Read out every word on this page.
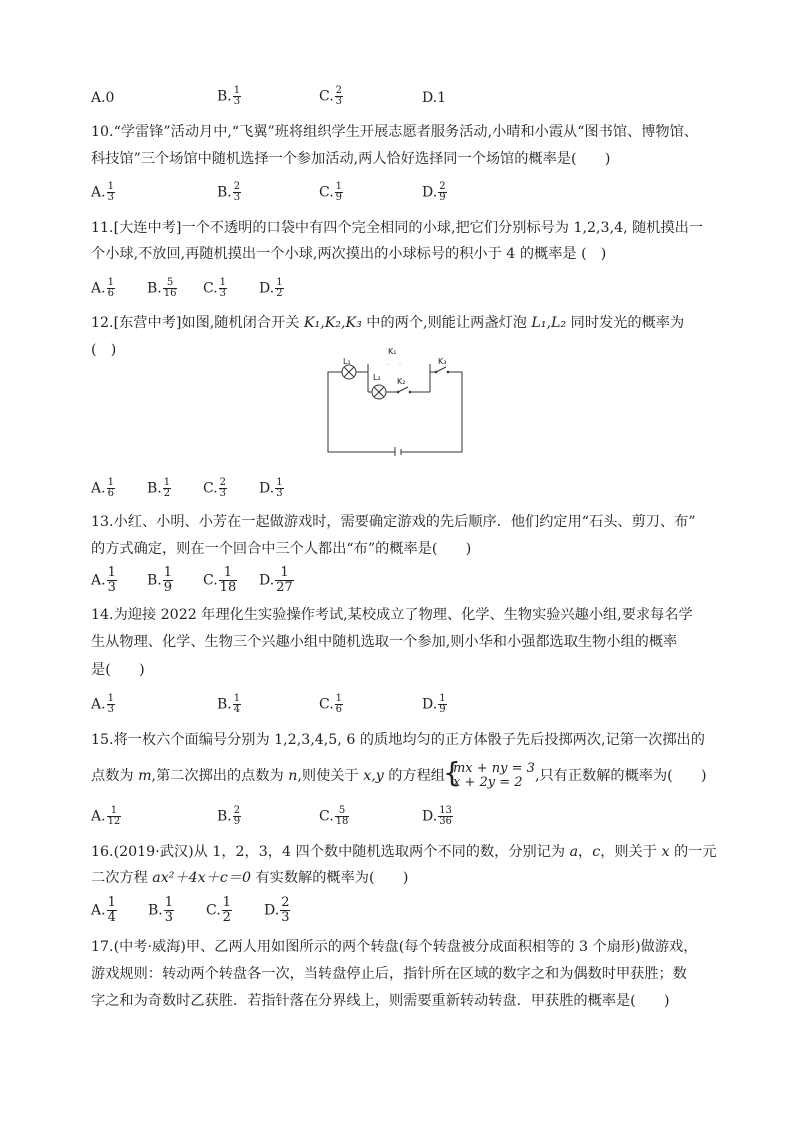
A.0	B. $\frac{1}{3}$	C. $\frac{2}{3}$	D.1
10.“学雷锋”活动月中,“飞翼”班将组织学生开展志愿者服务活动,小晴和小霞从“图书馆、博物馆、
科技馆”三个场馆中随机选择一个参加活动,两人恰好选择同一个场馆的概率是(　　)
A. $\frac{1}{3}$	B. $\frac{2}{3}$	C. $\frac{1}{9}$	D. $\frac{2}{9}$
11.[大连中考]一个不透明的口袋中有四个完全相同的小球,把它们分别标号为 1,2,3,4, 随机摸出一
个小球,不放回,再随机摸出一个小球,两次摸出的小球标号的积小于 4 的概率是 (　)
A. $\frac{1}{6} B$. $\frac{5}{16} C$. $\frac{1}{3} D$. $\frac{1}{2}$
12.[东营中考]如图,随机闭合开关 K₁,K₂,K₃ 中的两个,则能让两盏灯泡 L₁,L₂ 同时发光的概率为
(　)
L₁
L₂
K₁
K₂
K₃
A. $\frac{1}{6} B$. $\frac{1}{2} C$. $\frac{2}{3} D$. $\frac{1}{3}$
13.小红、小明、小芳在一起做游戏时，需要确定游戏的先后顺序．他们约定用“石头、剪刀、布”
的方式确定，则在一个回合中三个人都出“布”的概率是(　　)
A. $\frac{1}{3} B$. $\frac{1}{9} C$. $\frac{1}{18} D$. $\frac{1}{27}$
14.为迎接 2022 年理化生实验操作考试,某校成立了物理、化学、生物实验兴趣小组,要求每名学
生从物理、化学、生物三个兴趣小组中随机选取一个参加,则小华和小强都选取生物小组的概率
是(　　)
A. $\frac{1}{3}$	B. $\frac{1}{4}$	C. $\frac{1}{6}$	D. $\frac{1}{9}$
15.将一枚六个面编号分别为 1,2,3,4,5, 6 的质地均匀的正方体骰子先后投掷两次,记第一次掷出的
点数为 m,第二次掷出的点数为 n,则使关于 x,y 的方程组
{
mx + ny = 3
x + 2y = 2 ,只有正数解的概率为(　　)
A. $\frac{1}{12}$	B. $\frac{2}{9}$	C. $\frac{5}{18}$	D. $\frac{13}{36}$
16.(2019·武汉)从 1，2，3，4 四个数中随机选取两个不同的数，分别记为 a，c，则关于 x 的一元
二次方程 ax²＋4x＋c＝0 有实数解的概率为(　　)
A. $\frac{1}{4} B$. $\frac{1}{3} C$. $\frac{1}{2} D$. $\frac{2}{3}$
17.(中考·威海)甲、乙两人用如图所示的两个转盘(每个转盘被分成面积相等的 3 个扇形)做游戏，
游戏规则：转动两个转盘各一次，当转盘停止后，指针所在区域的数字之和为偶数时甲获胜；数
字之和为奇数时乙获胜．若指针落在分界线上，则需要重新转动转盘．甲获胜的概率是(　　)
